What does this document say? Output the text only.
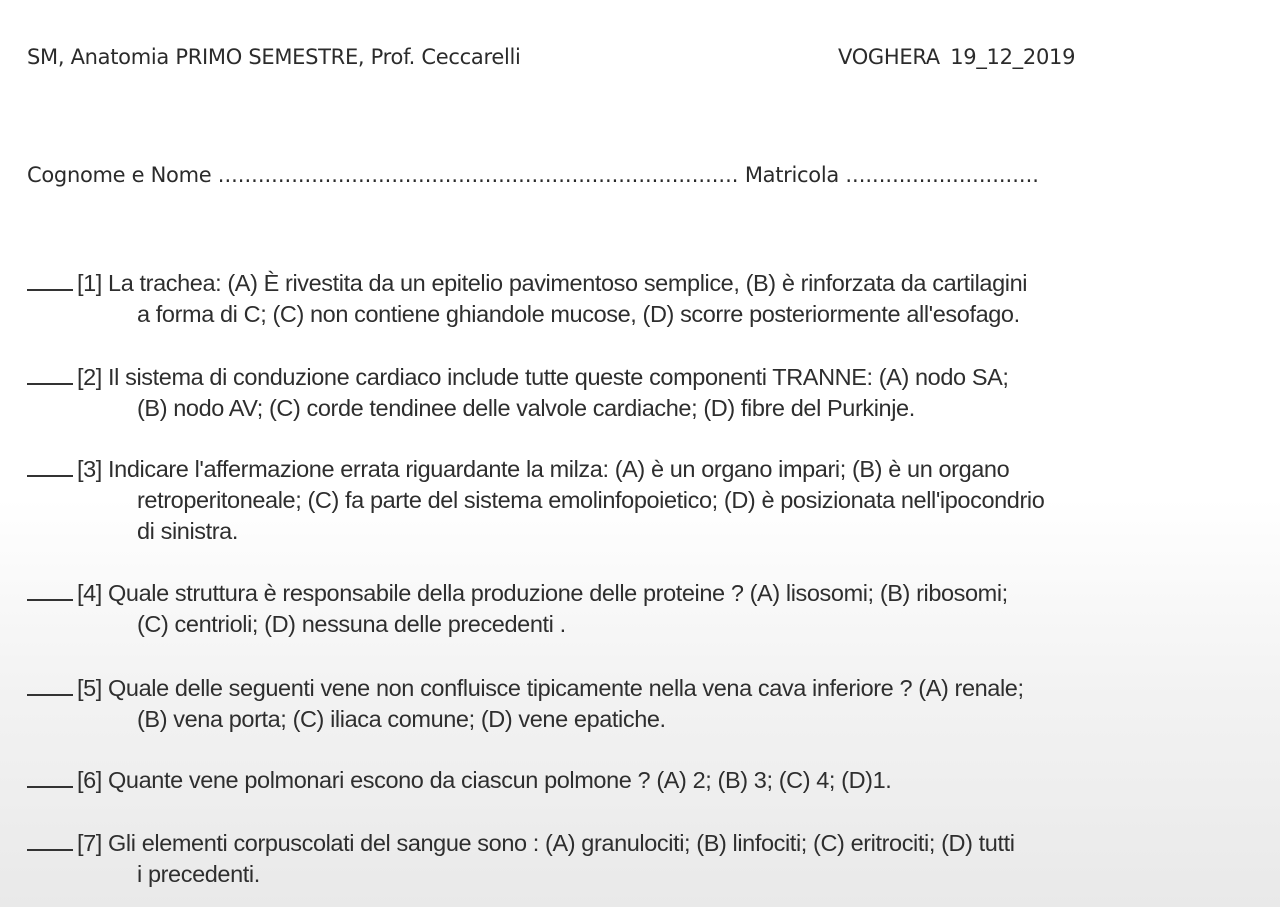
SM, Anatomia PRIMO SEMESTRE, Prof. Ceccarelli	VOGHERA 19_12_2019
Cognome e Nome .............................................................................. Matricola .............................
[1] La trachea: (A) È rivestita da un epitelio pavimentoso semplice, (B) è rinforzata da cartilagini
a forma di C; (C) non contiene ghiandole mucose, (D) scorre posteriormente all'esofago.
[2] Il sistema di conduzione cardiaco include tutte queste componenti TRANNE: (A) nodo SA;
(B) nodo AV; (C) corde tendinee delle valvole cardiache; (D) fibre del Purkinje.
[3] Indicare l'affermazione errata riguardante la milza: (A) è un organo impari; (B) è un organo
retroperitoneale; (C) fa parte del sistema emolinfopoietico; (D) è posizionata nell'ipocondrio
di sinistra.
[4] Quale struttura è responsabile della produzione delle proteine ? (A) lisosomi; (B) ribosomi;
(C) centrioli; (D) nessuna delle precedenti .
[5] Quale delle seguenti vene non confluisce tipicamente nella vena cava inferiore ? (A) renale;
(B) vena porta; (C) iliaca comune; (D) vene epatiche.
[6] Quante vene polmonari escono da ciascun polmone ? (A) 2; (B) 3; (C) 4; (D)1.
[7] Gli elementi corpuscolati del sangue sono : (A) granulociti; (B) linfociti; (C) eritrociti; (D) tutti
i precedenti.
